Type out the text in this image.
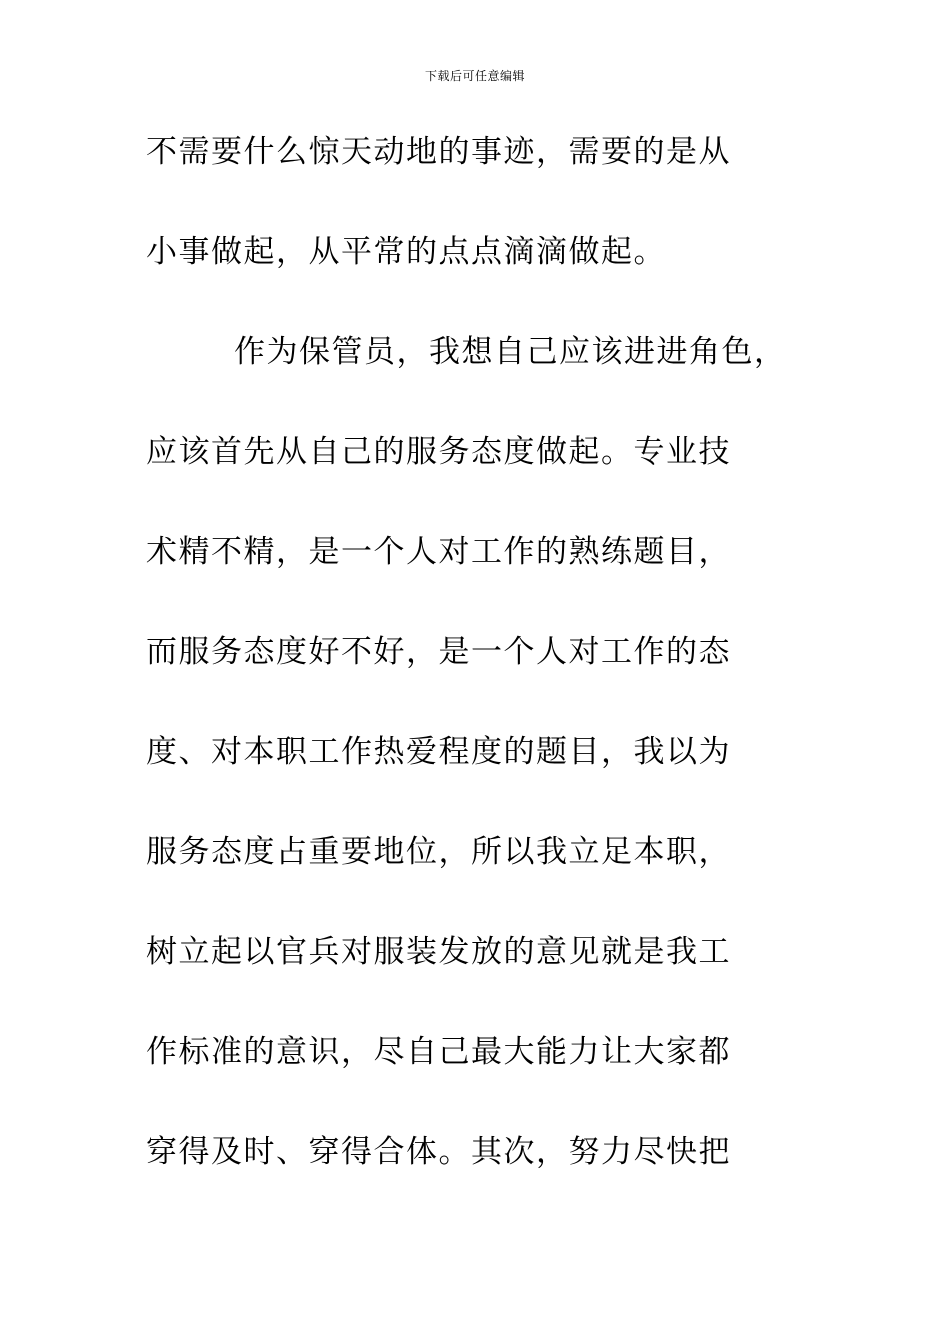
下载后可任意编辑
不需要什么惊天动地的事迹，需要的是从
小事做起，从平常的点点滴滴做起。
作为保管员，我想自己应该进进角色，
应该首先从自己的服务态度做起。专业技
术精不精，是一个人对工作的熟练题目，
而服务态度好不好，是一个人对工作的态
度、对本职工作热爱程度的题目，我以为
服务态度占重要地位，所以我立足本职，
树立起以官兵对服装发放的意见就是我工
作标准的意识，尽自己最大能力让大家都
穿得及时、穿得合体。其次，努力尽快把
